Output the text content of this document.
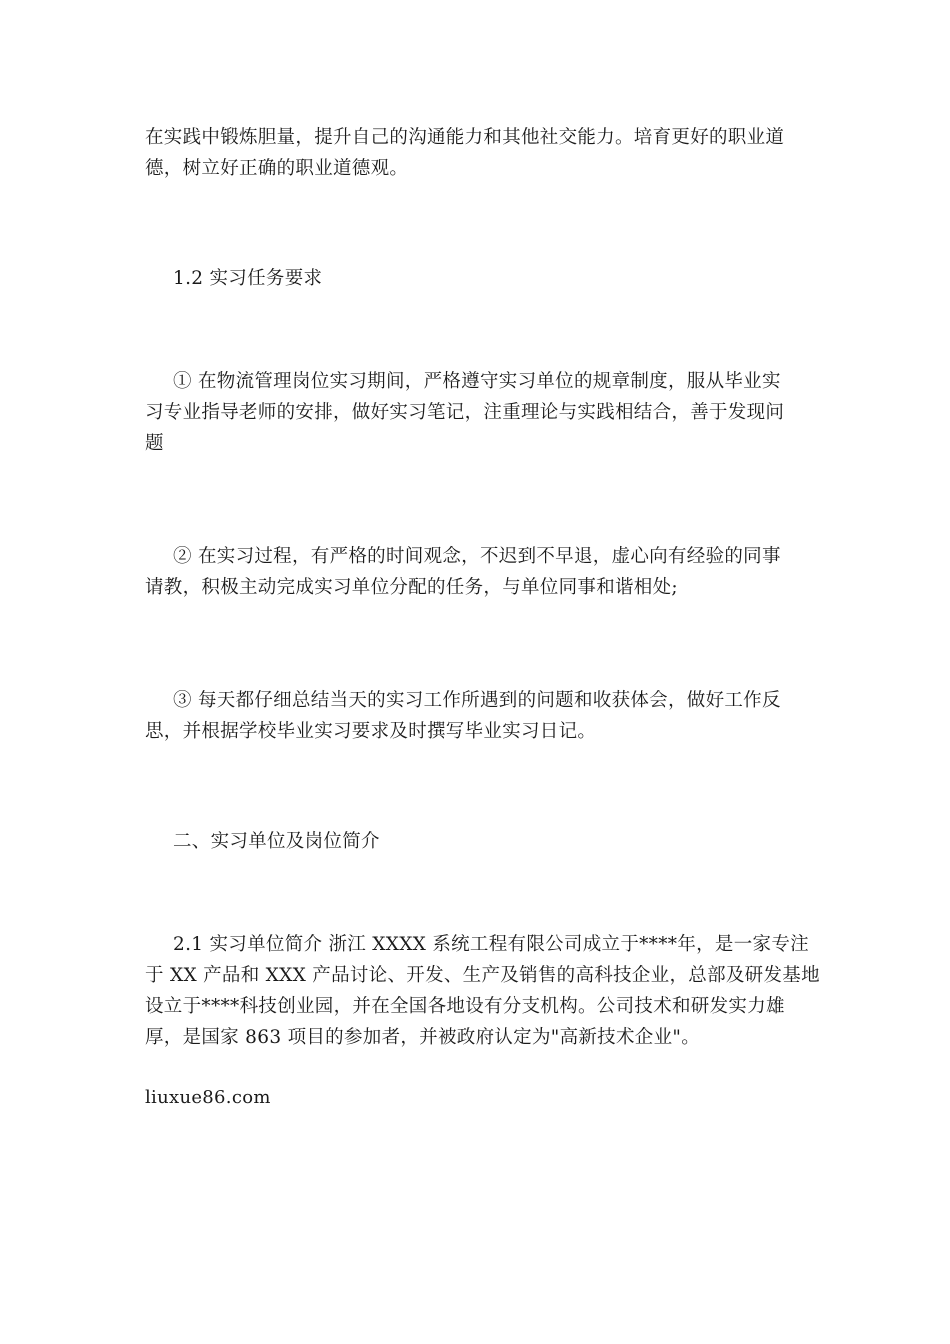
在实践中锻炼胆量，提升自己的沟通能力和其他社交能力。培育更好的职业道
德，树立好正确的职业道德观。

1.2 实习任务要求

① 在物流管理岗位实习期间，严格遵守实习单位的规章制度，服从毕业实
习专业指导老师的安排，做好实习笔记，注重理论与实践相结合，善于发现问
题

② 在实习过程，有严格的时间观念，不迟到不早退，虚心向有经验的同事
请教，积极主动完成实习单位分配的任务，与单位同事和谐相处;

③ 每天都仔细总结当天的实习工作所遇到的问题和收获体会，做好工作反
思，并根据学校毕业实习要求及时撰写毕业实习日记。

二、实习单位及岗位简介

2.1 实习单位简介 浙江 XXXX 系统工程有限公司成立于****年，是一家专注
于 XX 产品和 XXX 产品讨论、开发、生产及销售的高科技企业，总部及研发基地
设立于****科技创业园，并在全国各地设有分支机构。公司技术和研发实力雄
厚，是国家 863 项目的参加者，并被政府认定为"高新技术企业"。

liuxue86.com
